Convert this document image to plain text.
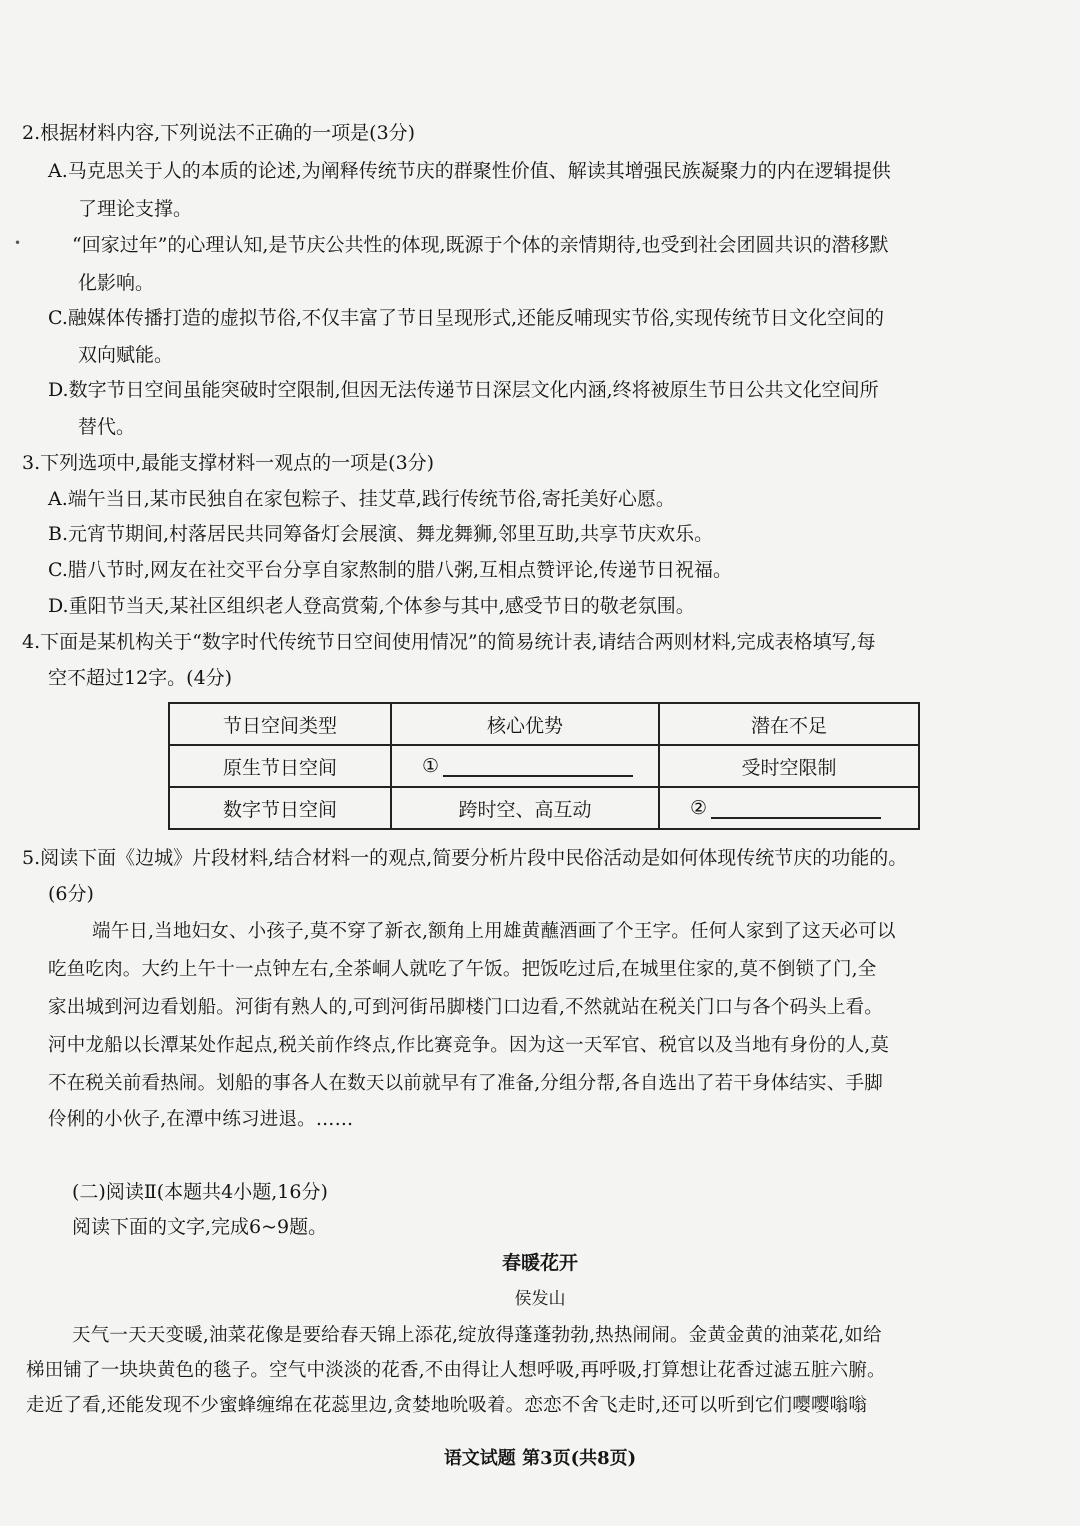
2.根据材料内容,下列说法不正确的一项是(3分)
A.马克思关于人的本质的论述,为阐释传统节庆的群聚性价值、解读其增强民族凝聚力的内在逻辑提供
了理论支撑。
•	“回家过年”的心理认知,是节庆公共性的体现,既源于个体的亲情期待,也受到社会团圆共识的潜移默
化影响。
C.融媒体传播打造的虚拟节俗,不仅丰富了节日呈现形式,还能反哺现实节俗,实现传统节日文化空间的
双向赋能。
D.数字节日空间虽能突破时空限制,但因无法传递节日深层文化内涵,终将被原生节日公共文化空间所
替代。
3.下列选项中,最能支撑材料一观点的一项是(3分)
A.端午当日,某市民独自在家包粽子、挂艾草,践行传统节俗,寄托美好心愿。
B.元宵节期间,村落居民共同筹备灯会展演、舞龙舞狮,邻里互助,共享节庆欢乐。
C.腊八节时,网友在社交平台分享自家熬制的腊八粥,互相点赞评论,传递节日祝福。
D.重阳节当天,某社区组织老人登高赏菊,个体参与其中,感受节日的敬老氛围。
4.下面是某机构关于“数字时代传统节日空间使用情况”的简易统计表,请结合两则材料,完成表格填写,每
空不超过12字。(4分)
节日空间类型	核心优势	潜在不足
原生节日空间	①	受时空限制
数字节日空间	跨时空、高互动	②
5.阅读下面《边城》片段材料,结合材料一的观点,简要分析片段中民俗活动是如何体现传统节庆的功能的。
(6分)
端午日,当地妇女、小孩子,莫不穿了新衣,额角上用雄黄蘸酒画了个王字。任何人家到了这天必可以
吃鱼吃肉。大约上午十一点钟左右,全茶峒人就吃了午饭。把饭吃过后,在城里住家的,莫不倒锁了门,全
家出城到河边看划船。河街有熟人的,可到河街吊脚楼门口边看,不然就站在税关门口与各个码头上看。
河中龙船以长潭某处作起点,税关前作终点,作比赛竞争。因为这一天军官、税官以及当地有身份的人,莫
不在税关前看热闹。划船的事各人在数天以前就早有了准备,分组分帮,各自选出了若干身体结实、手脚
伶俐的小伙子,在潭中练习进退。……
(二)阅读Ⅱ(本题共4小题,16分)
阅读下面的文字,完成6~9题。
春暖花开
侯发山
天气一天天变暖,油菜花像是要给春天锦上添花,绽放得蓬蓬勃勃,热热闹闹。金黄金黄的油菜花,如给
梯田铺了一块块黄色的毯子。空气中淡淡的花香,不由得让人想呼吸,再呼吸,打算想让花香过滤五脏六腑。
走近了看,还能发现不少蜜蜂缠绵在花蕊里边,贪婪地吮吸着。恋恋不舍飞走时,还可以听到它们嘤嘤嗡嗡
语文试题 第3页(共8页)
